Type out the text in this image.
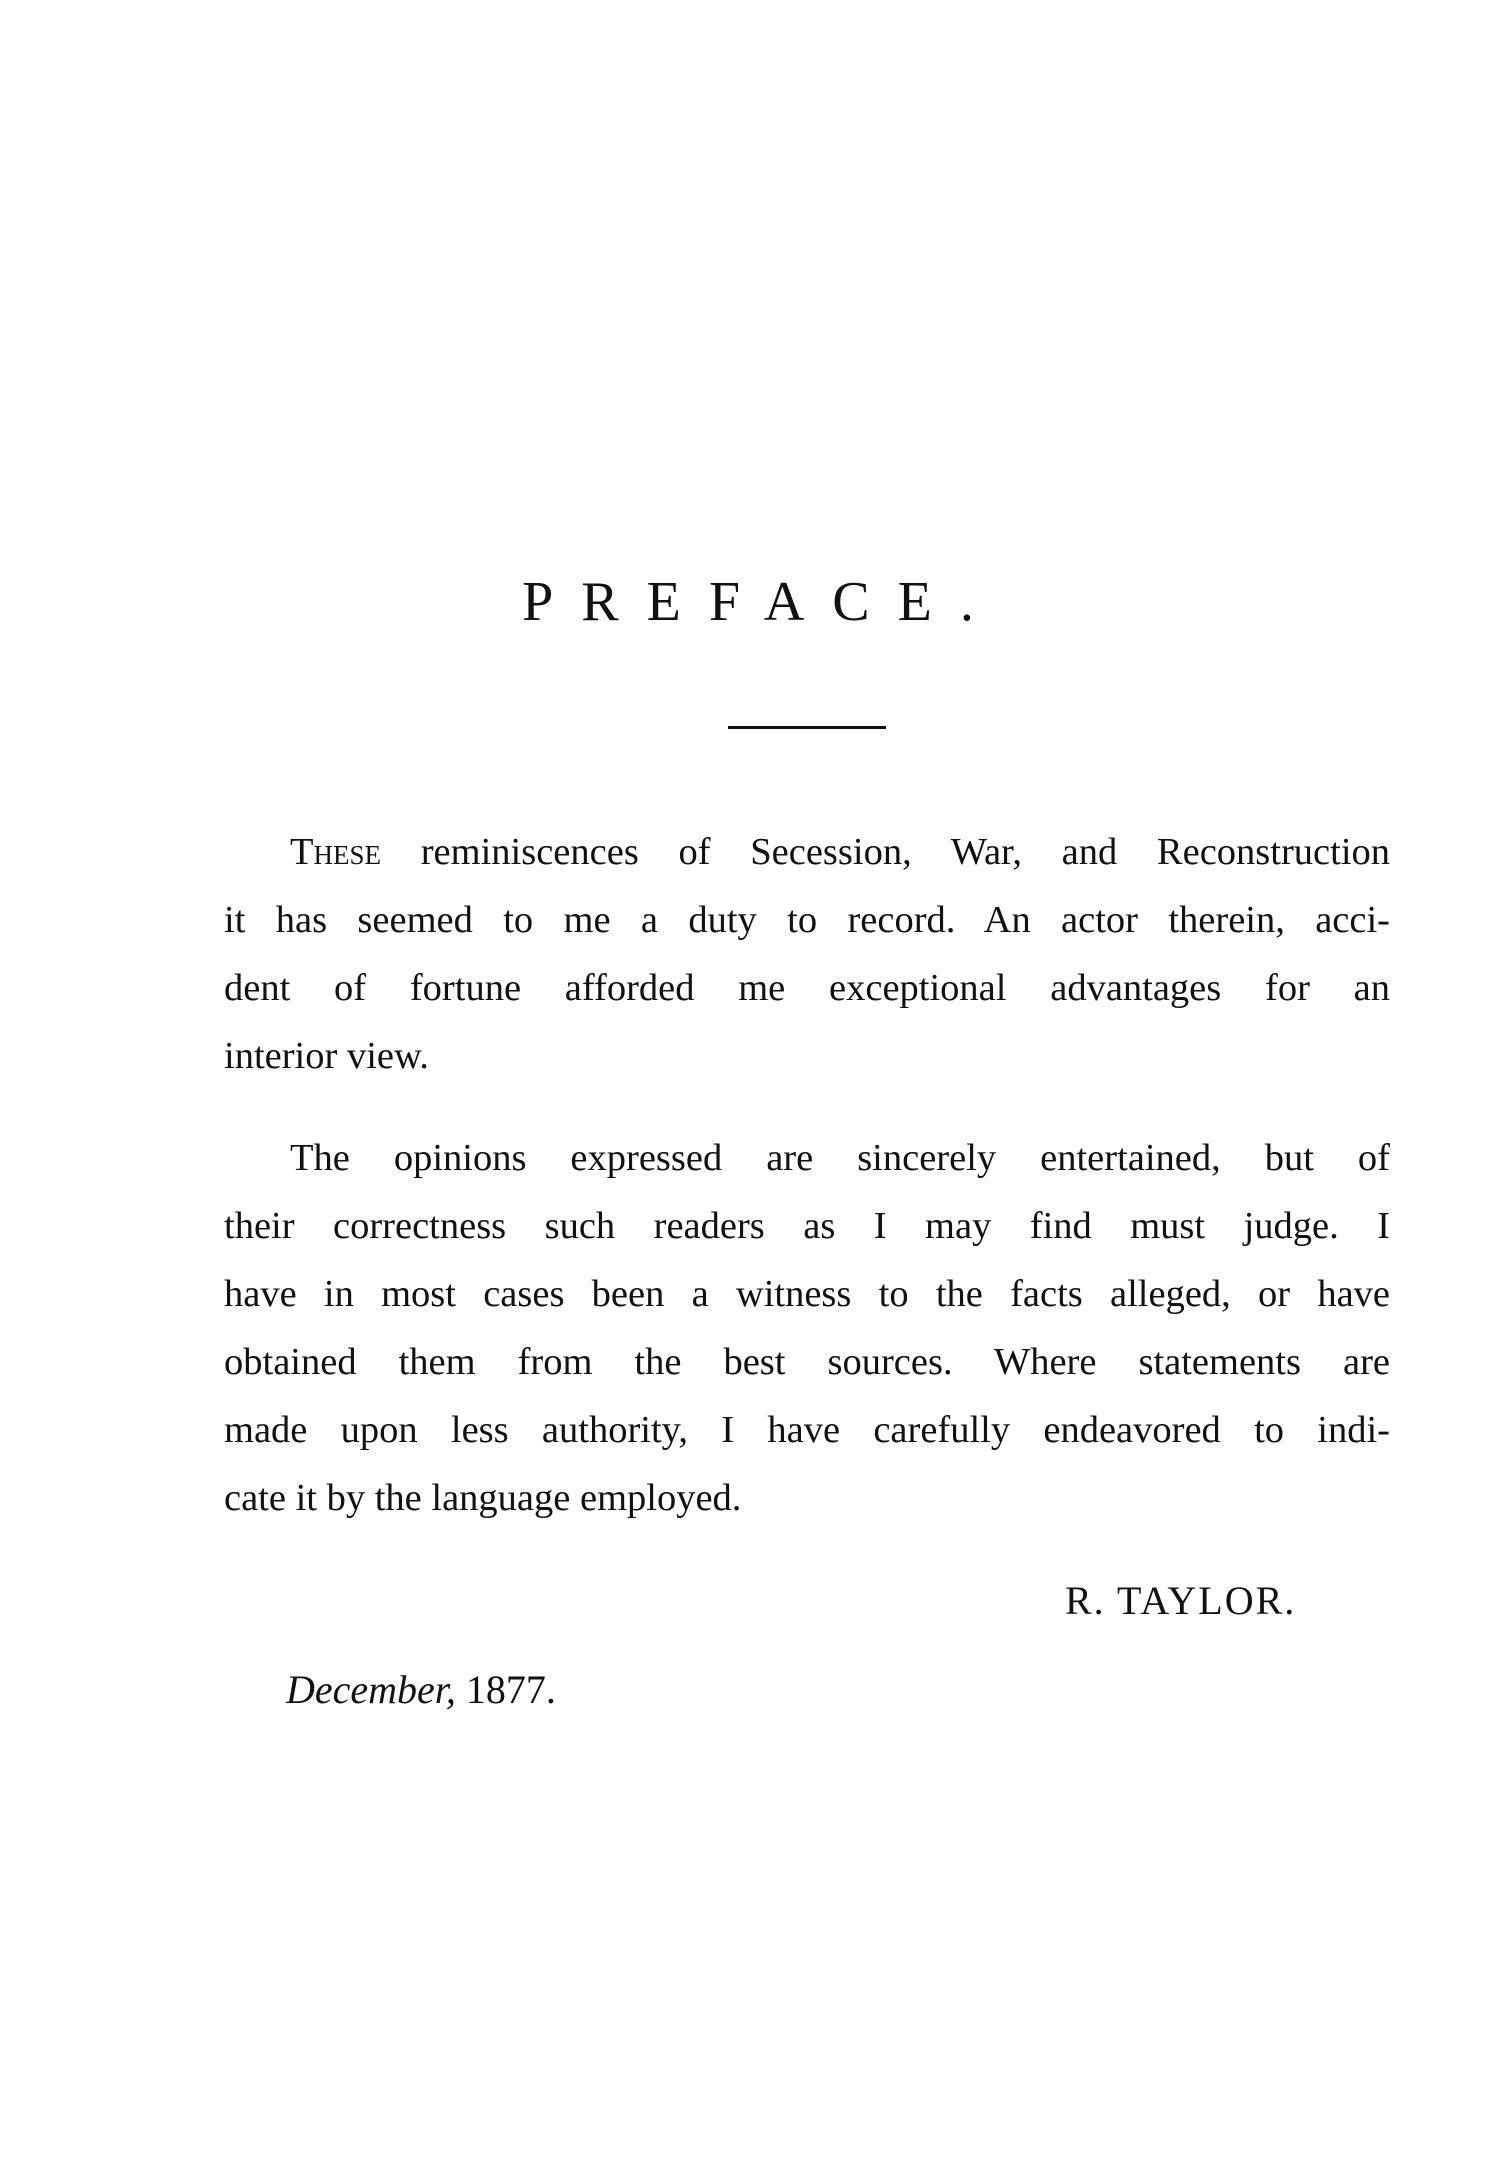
PREFACE.
These reminiscences of Secession, War, and Reconstruction
it has seemed to me a duty to record. An actor therein, acci-
dent of fortune afforded me exceptional advantages for an
interior view.
The opinions expressed are sincerely entertained, but of
their correctness such readers as I may find must judge. I
have in most cases been a witness to the facts alleged, or have
obtained them from the best sources. Where statements are
made upon less authority, I have carefully endeavored to indi-
cate it by the language employed.
R. TAYLOR.
December, 1877.
